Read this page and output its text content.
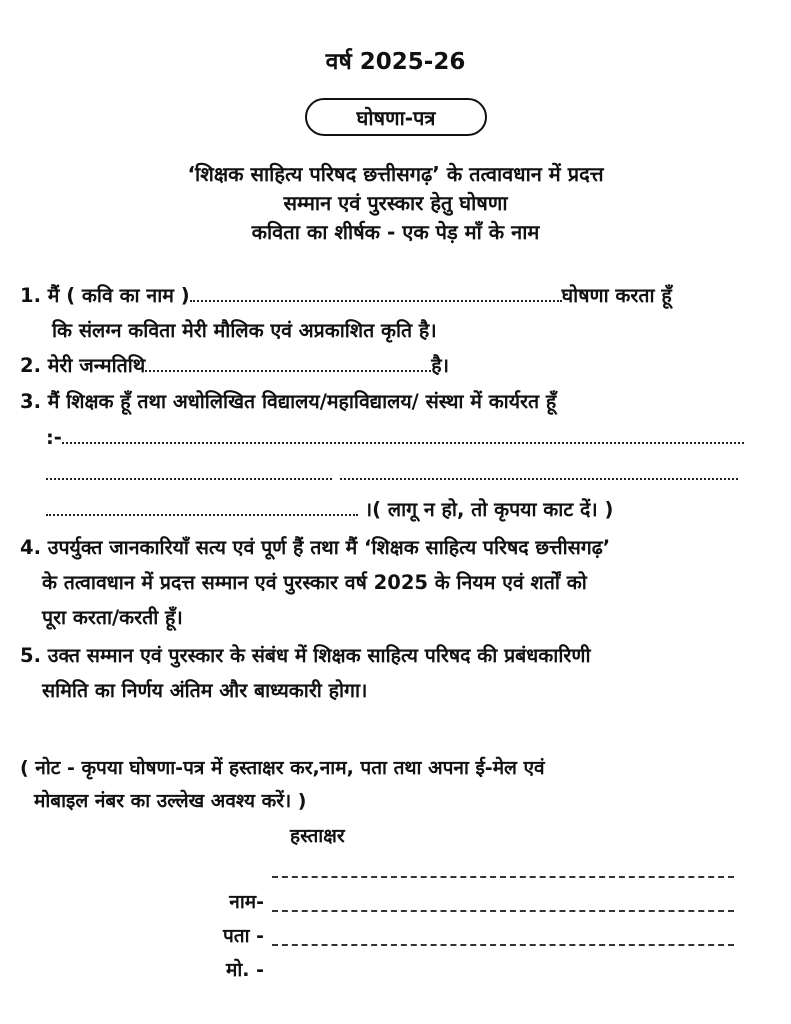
वर्ष 2025-26
घोषणा-पत्र
‘शिक्षक साहित्य परिषद छत्तीसगढ़’ के तत्वावधान में प्रदत्त
सम्मान एवं पुरस्कार हेतु घोषणा
कविता का शीर्षक - एक पेड़ माँ के नाम
1. मैं ( कवि का नाम )	घोषणा करता हूँ
कि संलग्न कविता मेरी मौलिक एवं अप्रकाशित कृति है।
2. मेरी जन्मतिथि	है।
3. मैं शिक्षक हूँ तथा अधोलिखित विद्यालय/महाविद्यालय/ संस्था में कार्यरत हूँ
:-
।( लागू न हो, तो कृपया काट दें। )
4. उपर्युक्त जानकारियाँ सत्य एवं पूर्ण हैं तथा मैं ‘शिक्षक साहित्य परिषद छत्तीसगढ़’
के तत्वावधान में प्रदत्त सम्मान एवं पुरस्कार वर्ष 2025 के नियम एवं शर्तों को
पूरा करता/करती हूँ।
5. उक्त सम्मान एवं पुरस्कार के संबंध में शिक्षक साहित्य परिषद की प्रबंधकारिणी
समिति का निर्णय अंतिम और बाध्यकारी होगा।
( नोट - कृपया घोषणा-पत्र में हस्ताक्षर कर,नाम, पता तथा अपना ई-मेल एवं
मोबाइल नंबर का उल्लेख अवश्य करें। )
हस्ताक्षर
नाम-
पता -
मो. -
